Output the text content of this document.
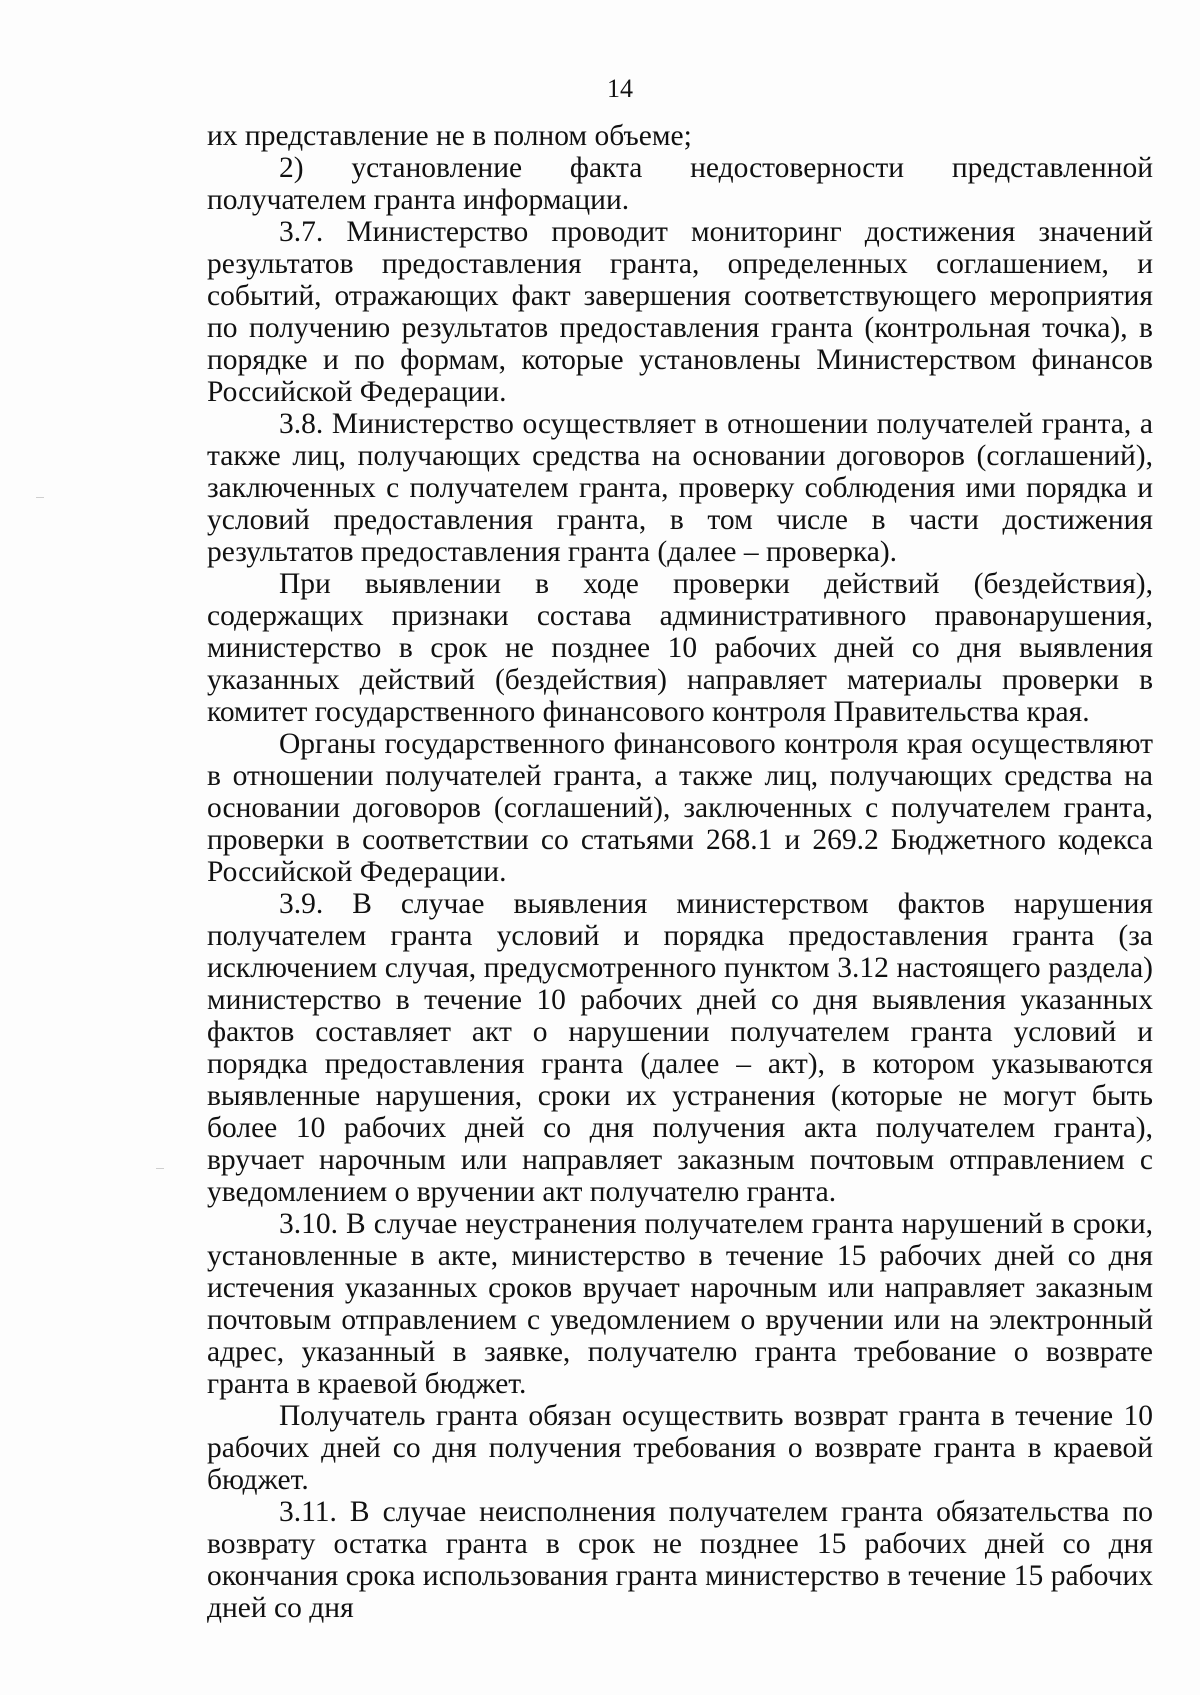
14

их представление не в полном объеме;

2) установление факта недостоверности представленной получателем гранта информации.

3.7. Министерство проводит мониторинг достижения значений результатов предоставления гранта, определенных соглашением, и событий, отражающих факт завершения соответствующего мероприятия по получению результатов предоставления гранта (контрольная точка), в порядке и по формам, которые установлены Министерством финансов Российской Федерации.

3.8. Министерство осуществляет в отношении получателей гранта, а также лиц, получающих средства на основании договоров (соглашений), заключенных с получателем гранта, проверку соблюдения ими порядка и условий предоставления гранта, в том числе в части достижения результатов предоставления гранта (далее – проверка).

При выявлении в ходе проверки действий (бездействия), содержащих признаки состава административного правонарушения, министерство в срок не позднее 10 рабочих дней со дня выявления указанных действий (бездействия) направляет материалы проверки в комитет государственного финансового контроля Правительства края.

Органы государственного финансового контроля края осуществляют в отношении получателей гранта, а также лиц, получающих средства на основании договоров (соглашений), заключенных с получателем гранта, проверки в соответствии со статьями 268.1 и 269.2 Бюджетного кодекса Российской Федерации.

3.9. В случае выявления министерством фактов нарушения получателем гранта условий и порядка предоставления гранта (за исключением случая, предусмотренного пунктом 3.12 настоящего раздела) министерство в течение 10 рабочих дней со дня выявления указанных фактов составляет акт о нарушении получателем гранта условий и порядка предоставления гранта (далее – акт), в котором указываются выявленные нарушения, сроки их устранения (которые не могут быть более 10 рабочих дней со дня получения акта получателем гранта), вручает нарочным или направляет заказным почтовым отправлением с уведомлением о вручении акт получателю гранта.

3.10. В случае неустранения получателем гранта нарушений в сроки, установленные в акте, министерство в течение 15 рабочих дней со дня истечения указанных сроков вручает нарочным или направляет заказным почтовым отправлением с уведомлением о вручении или на электронный адрес, указанный в заявке, получателю гранта требование о возврате гранта в краевой бюджет.

Получатель гранта обязан осуществить возврат гранта в течение 10 рабочих дней со дня получения требования о возврате гранта в краевой бюджет.

3.11. В случае неисполнения получателем гранта обязательства по возврату остатка гранта в срок не позднее 15 рабочих дней со дня окончания срока использования гранта министерство в течение 15 рабочих дней со дня
